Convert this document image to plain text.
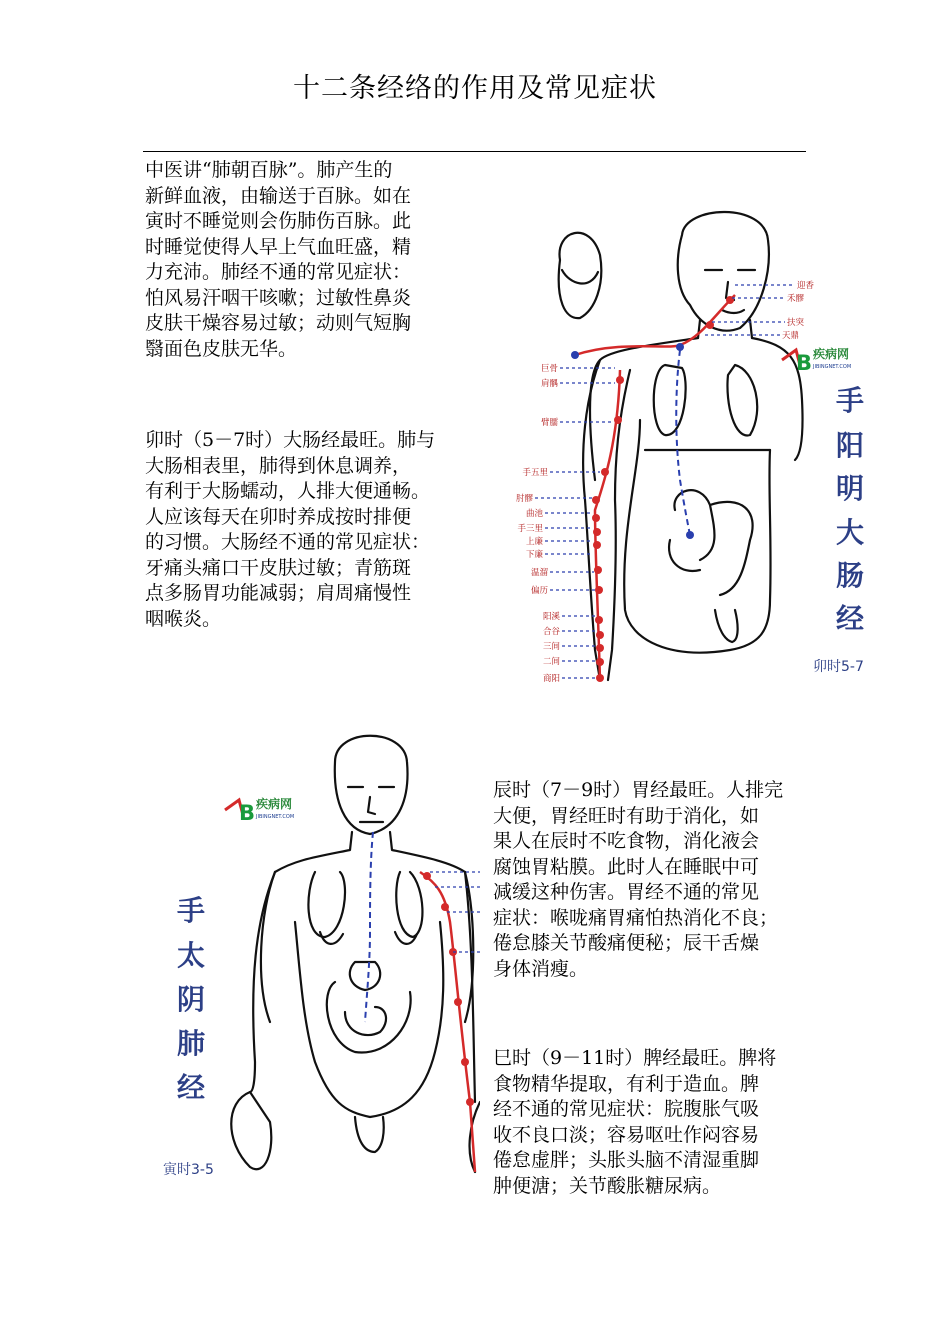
十二条经络的作用及常见症状

中医讲“肺朝百脉”。肺产生的
新鲜血液，由输送于百脉。如在
寅时不睡觉则会伤肺伤百脉。此
时睡觉使得人早上气血旺盛，精
力充沛。肺经不通的常见症状：
怕风易汗咽干咳嗽；过敏性鼻炎
皮肤干燥容易过敏；动则气短胸
翳面色皮肤无华。

卯时（5－7时）大肠经最旺。肺与
大肠相表里，肺得到休息调养，
有利于大肠蠕动，人排大便通畅。
人应该每天在卯时养成按时排便
的习惯。大肠经不通的常见症状：
牙痛头痛口干皮肤过敏；青筋斑
点多肠胃功能减弱；肩周痛慢性
咽喉炎。

辰时（7－9时）胃经最旺。人排完
大便，胃经旺时有助于消化，如
果人在辰时不吃食物，消化液会
腐蚀胃粘膜。此时人在睡眠中可
减缓这种伤害。胃经不通的常见
症状：喉咙痛胃痛怕热消化不良；
倦怠膝关节酸痛便秘；辰干舌燥
身体消瘦。

巳时（9－11时）脾经最旺。脾将
食物精华提取，有利于造血。脾
经不通的常见症状：脘腹胀气吸
收不良口淡；容易呕吐作闷容易
倦怠虚胖；头胀头脑不清湿重脚
肿便溏；关节酸胀糖尿病。

巨骨
肩髃
臂臑
手五里
肘髎
曲池
手三里
上廉
下廉
温溜
偏历
阳溪
合谷
三间
二间
商阳
迎香
禾髎
扶突
天鼎
B 疾病网
JIBINGNET.COM
手
阳
明
大
肠
经
卯时5-7
B 疾病网
JIBINGNET.COM
手
太
阴
肺
经
寅时3-5
